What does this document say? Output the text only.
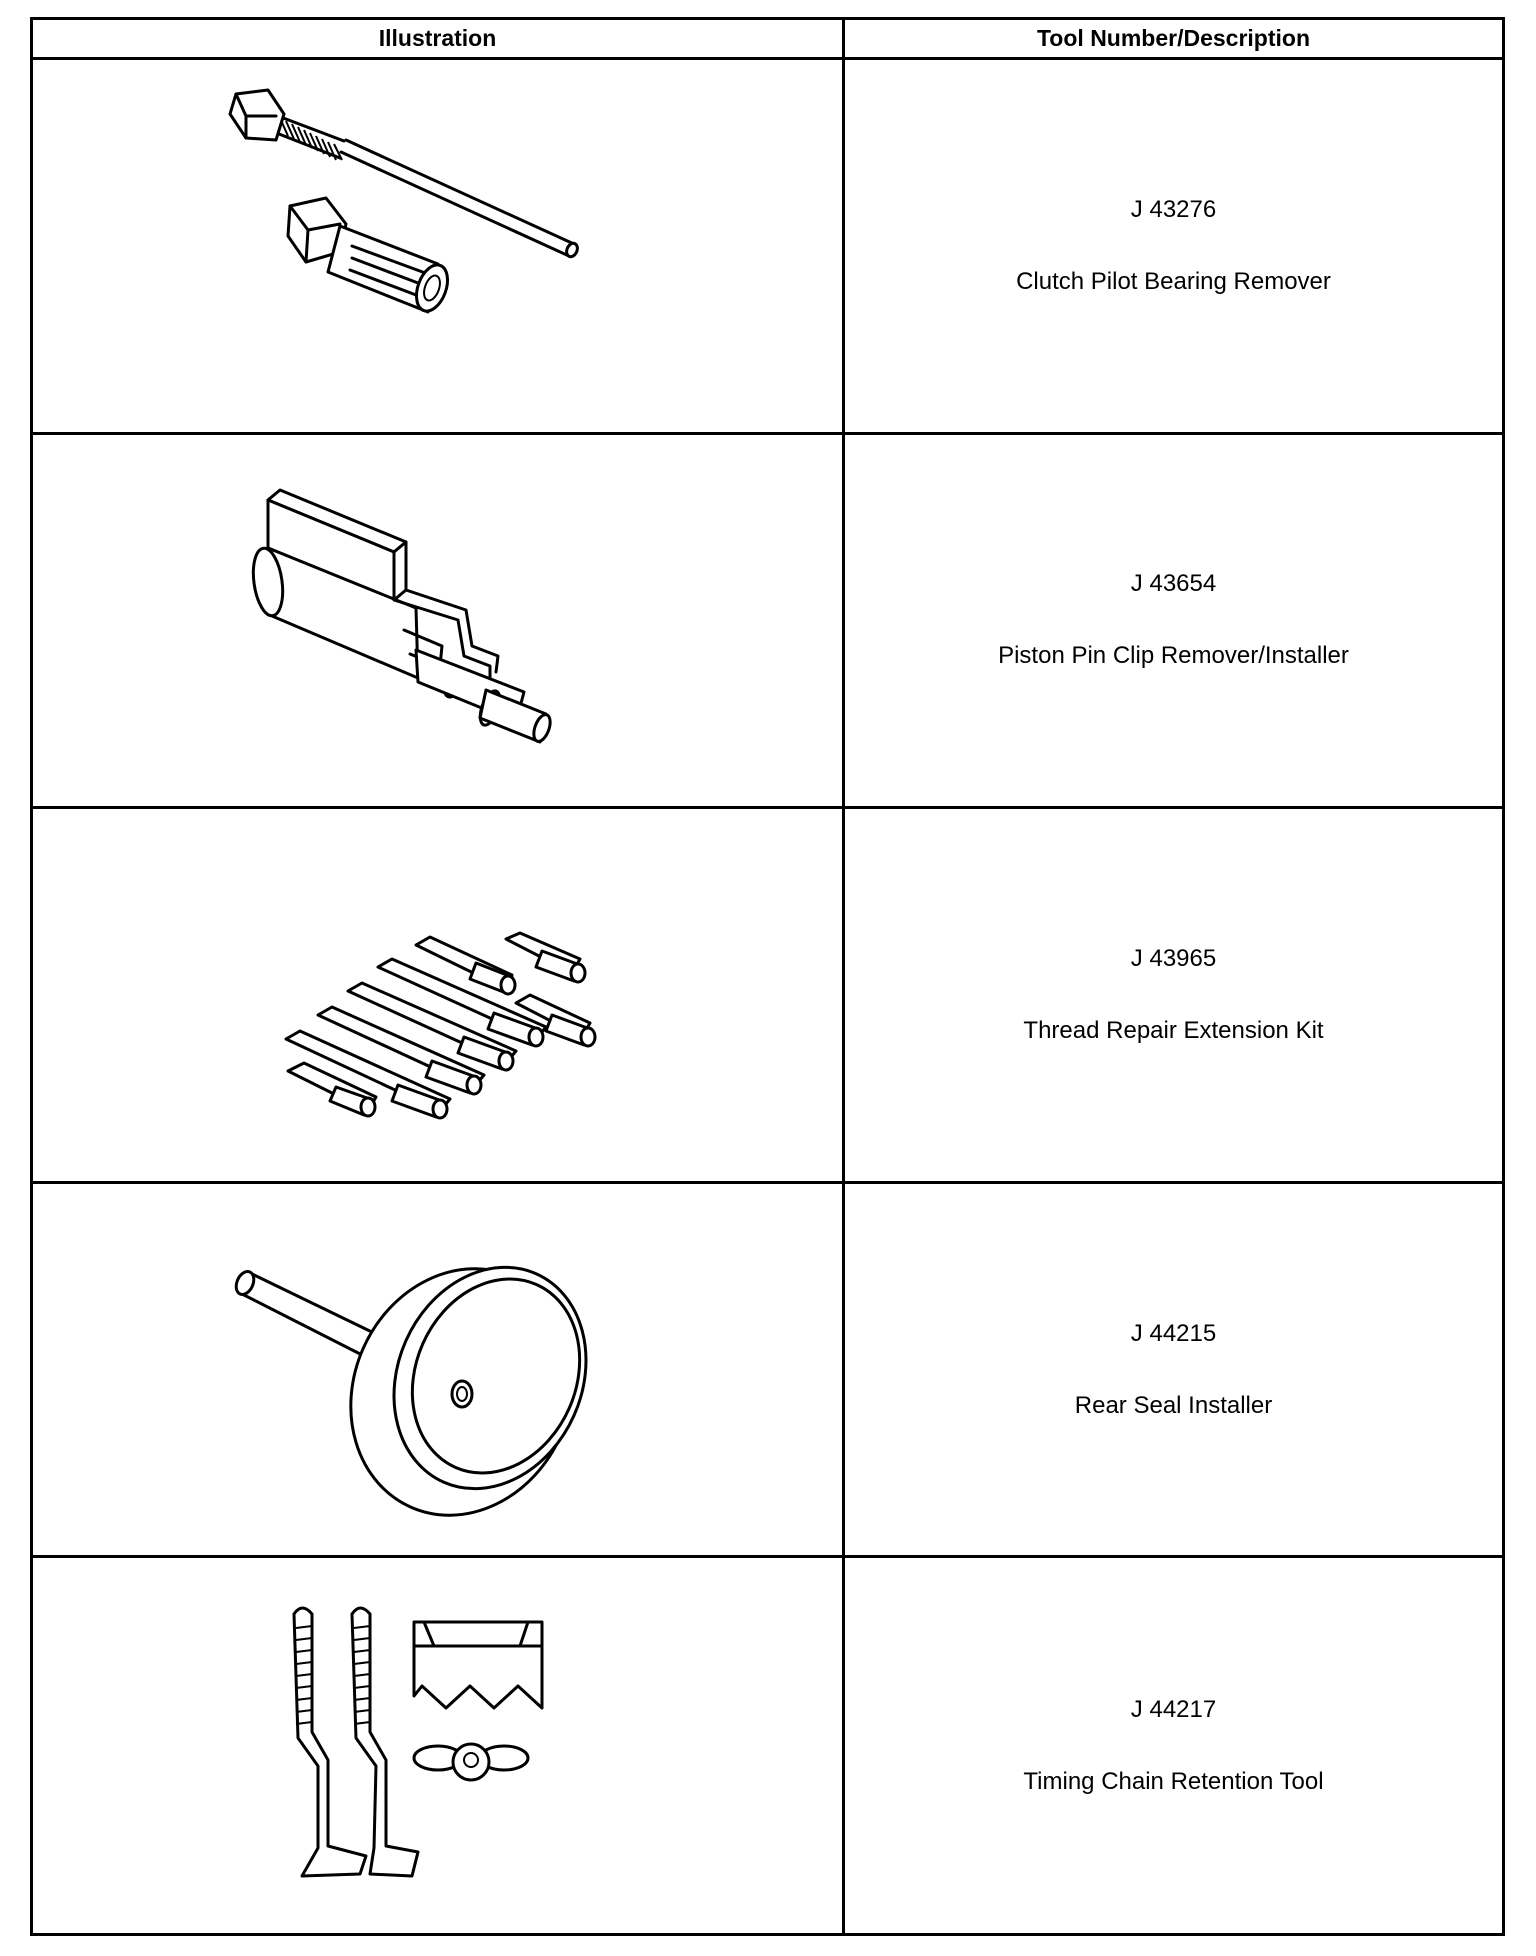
Illustration	Tool Number/Description
J 43276
Clutch Pilot Bearing Remover
J 43654
Piston Pin Clip Remover/Installer
J 43965
Thread Repair Extension Kit
J 44215
Rear Seal Installer
J 44217
Timing Chain Retention Tool
